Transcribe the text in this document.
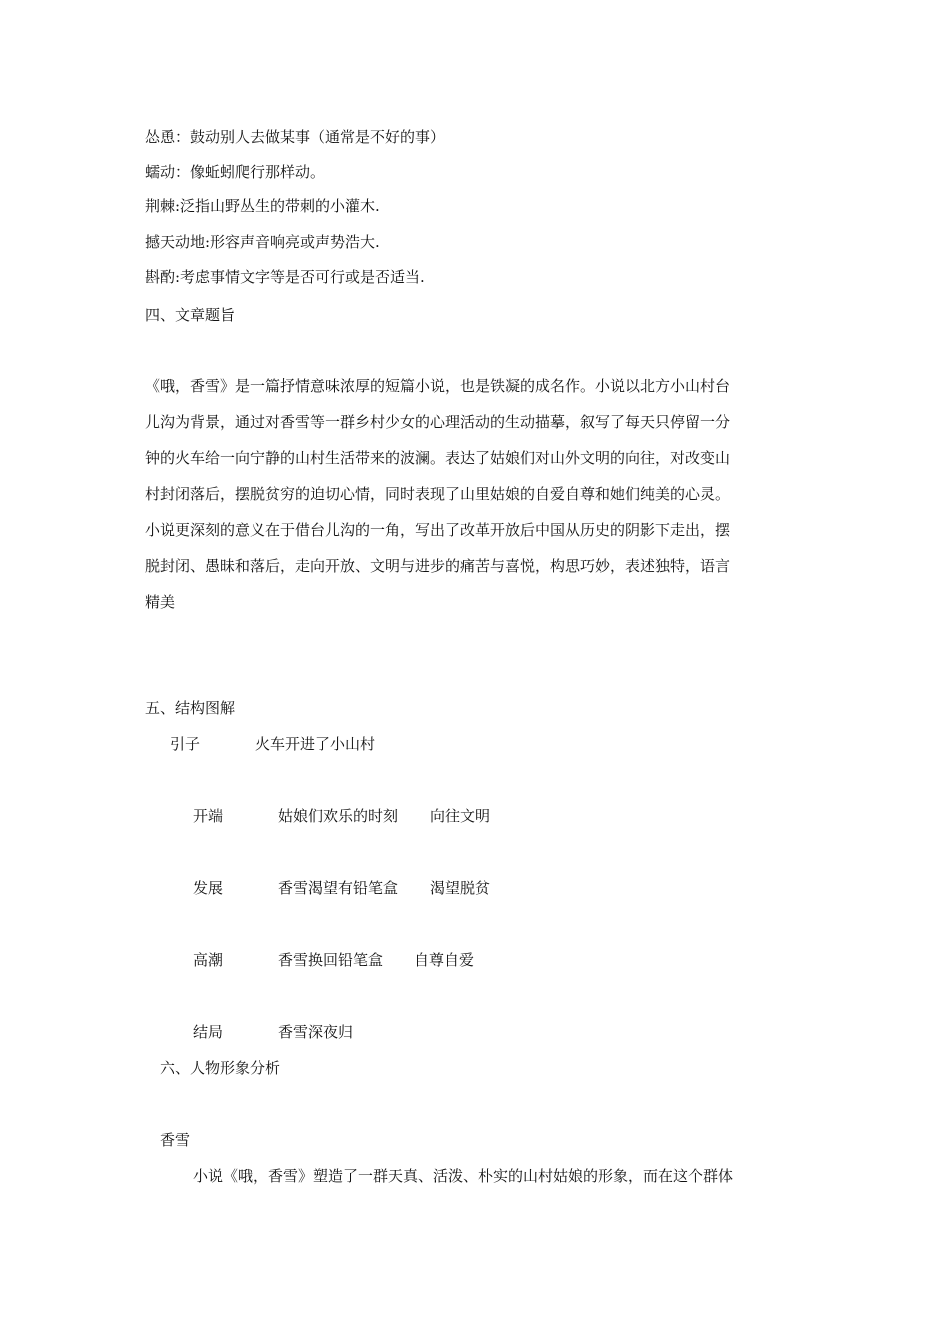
怂恿：鼓动别人去做某事（通常是不好的事）
蠕动：像蚯蚓爬行那样动。
荆棘:泛指山野丛生的带刺的小灌木.
撼天动地:形容声音响亮或声势浩大.
斟酌:考虑事情文字等是否可行或是否适当.
四、文章题旨
《哦，香雪》是一篇抒情意味浓厚的短篇小说，也是铁凝的成名作。小说以北方小山村台
儿沟为背景，通过对香雪等一群乡村少女的心理活动的生动描摹，叙写了每天只停留一分
钟的火车给一向宁静的山村生活带来的波澜。表达了姑娘们对山外文明的向往，对改变山
村封闭落后，摆脱贫穷的迫切心情，同时表现了山里姑娘的自爱自尊和她们纯美的心灵。
小说更深刻的意义在于借台儿沟的一角，写出了改革开放后中国从历史的阴影下走出，摆
脱封闭、愚昧和落后，走向开放、文明与进步的痛苦与喜悦，构思巧妙，表述独特，语言
精美
五、结构图解
引子	火车开进了小山村
开端	姑娘们欢乐的时刻 向往文明
发展	香雪渴望有铅笔盒 渴望脱贫
高潮	香雪换回铅笔盒 自尊自爱
结局	香雪深夜归
六、人物形象分析
香雪
小说《哦，香雪》塑造了一群天真、活泼、朴实的山村姑娘的形象，而在这个群体
